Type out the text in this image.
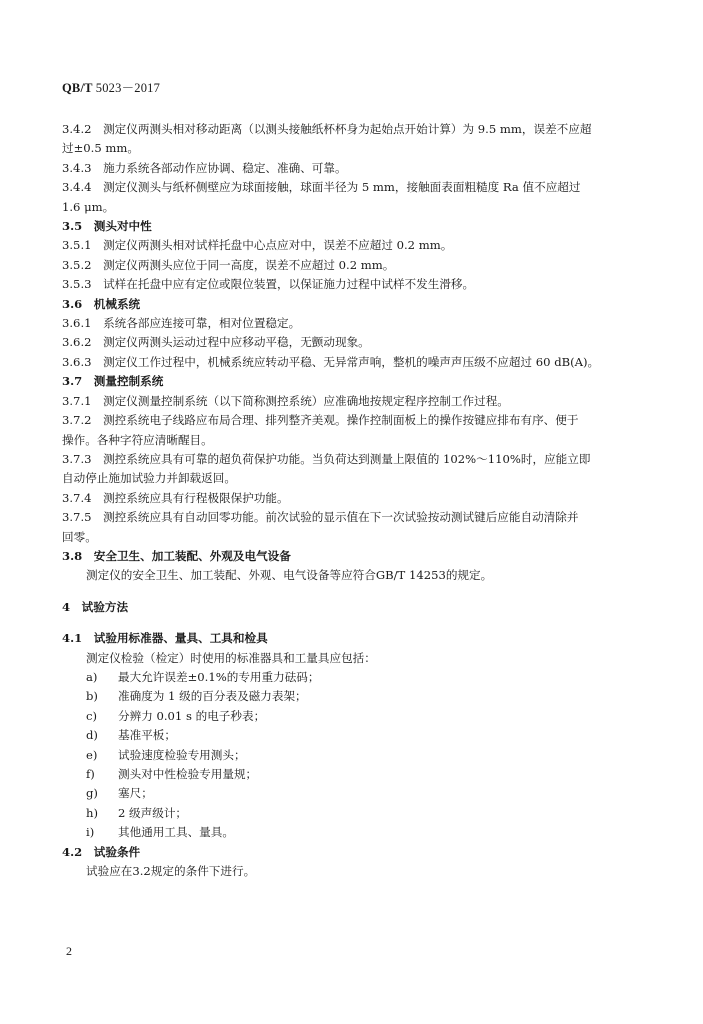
QB/T 5023－2017
3.4.2　测定仪两测头相对移动距离（以测头接触纸杯杯身为起始点开始计算）为 9.5 mm，误差不应超
过±0.5 mm。
3.4.3　施力系统各部动作应协调、稳定、准确、可靠。
3.4.4　测定仪测头与纸杯侧壁应为球面接触，球面半径为 5 mm，接触面表面粗糙度 Ra 值不应超过
1.6 μm。
3.5　测头对中性
3.5.1　测定仪两测头相对试样托盘中心点应对中，误差不应超过 0.2 mm。
3.5.2　测定仪两测头应位于同一高度，误差不应超过 0.2 mm。
3.5.3　试样在托盘中应有定位或限位装置，以保证施力过程中试样不发生滑移。
3.6　机械系统
3.6.1　系统各部应连接可靠，相对位置稳定。
3.6.2　测定仪两测头运动过程中应移动平稳，无颤动现象。
3.6.3　测定仪工作过程中，机械系统应转动平稳、无异常声响，整机的噪声声压级不应超过 60 dB(A)。
3.7　测量控制系统
3.7.1　测定仪测量控制系统（以下简称测控系统）应准确地按规定程序控制工作过程。
3.7.2　测控系统电子线路应布局合理、排列整齐美观。操作控制面板上的操作按键应排布有序、便于
操作。各种字符应清晰醒目。
3.7.3　测控系统应具有可靠的超负荷保护功能。当负荷达到测量上限值的 102%～110%时，应能立即
自动停止施加试验力并卸载返回。
3.7.4　测控系统应具有行程极限保护功能。
3.7.5　测控系统应具有自动回零功能。前次试验的显示值在下一次试验按动测试键后应能自动清除并
回零。
3.8　安全卫生、加工装配、外观及电气设备
测定仪的安全卫生、加工装配、外观、电气设备等应符合GB/T 14253的规定。
4　试验方法
4.1　试验用标准器、量具、工具和检具
测定仪检验（检定）时使用的标准器具和工量具应包括：
a)	最大允许误差±0.1%的专用重力砝码；
b)	准确度为 1 级的百分表及磁力表架；
c)	分辨力 0.01 s 的电子秒表；
d)	基准平板；
e)	试验速度检验专用测头；
f)	测头对中性检验专用量规；
g)	塞尺；
h)	2 级声级计；
i)	其他通用工具、量具。
4.2　试验条件
试验应在3.2规定的条件下进行。
2
